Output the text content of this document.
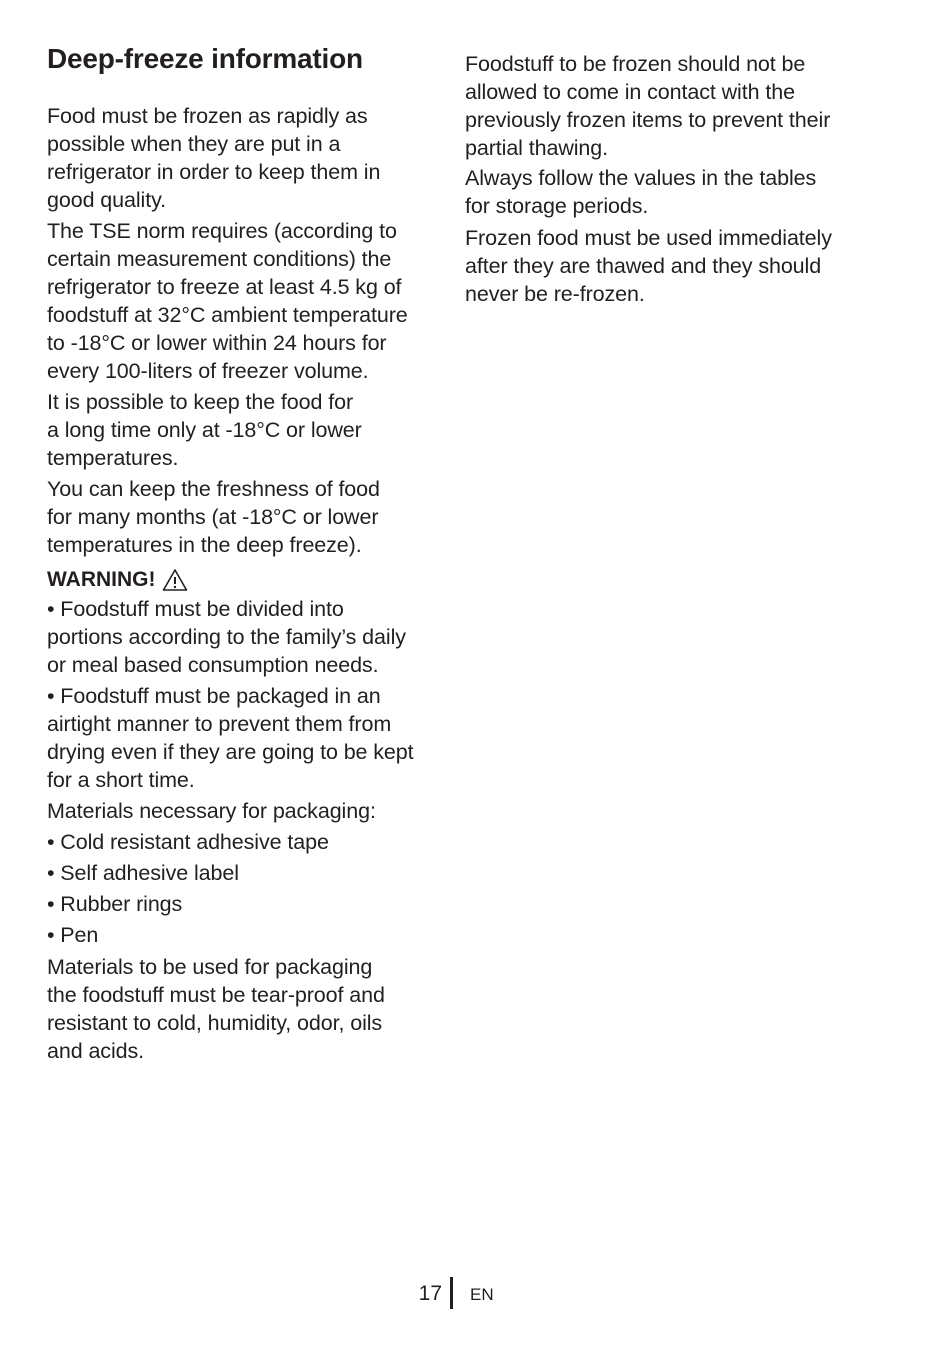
Deep-freeze information

Food must be frozen as rapidly as
possible when they are put in a
refrigerator in order to keep them in
good quality.

The TSE norm requires (according to
certain measurement conditions) the
refrigerator to freeze at least 4.5 kg of
foodstuff at 32°C ambient temperature
to -18°C or lower within 24 hours for
every 100-liters of freezer volume.

It is possible to keep the food for
a long time only at -18°C or lower
temperatures.

You can keep the freshness of food
for many months (at -18°C or lower
temperatures in the deep freeze).

WARNING!

• Foodstuff must be divided into
portions according to the family’s daily
or meal based consumption needs.

• Foodstuff must be packaged in an
airtight manner to prevent them from
drying even if they are going to be kept
for a short time.

Materials necessary for packaging:

• Cold resistant adhesive tape

• Self adhesive label

• Rubber rings

• Pen

Materials to be used for packaging
the foodstuff must be tear-proof and
resistant to cold, humidity, odor, oils
and acids.

Foodstuff to be frozen should not be
allowed to come in contact with the
previously frozen items to prevent their
partial thawing.

Always follow the values in the tables
for storage periods.

Frozen food must be used immediately
after they are thawed and they should
never be re-frozen.

17 EN
